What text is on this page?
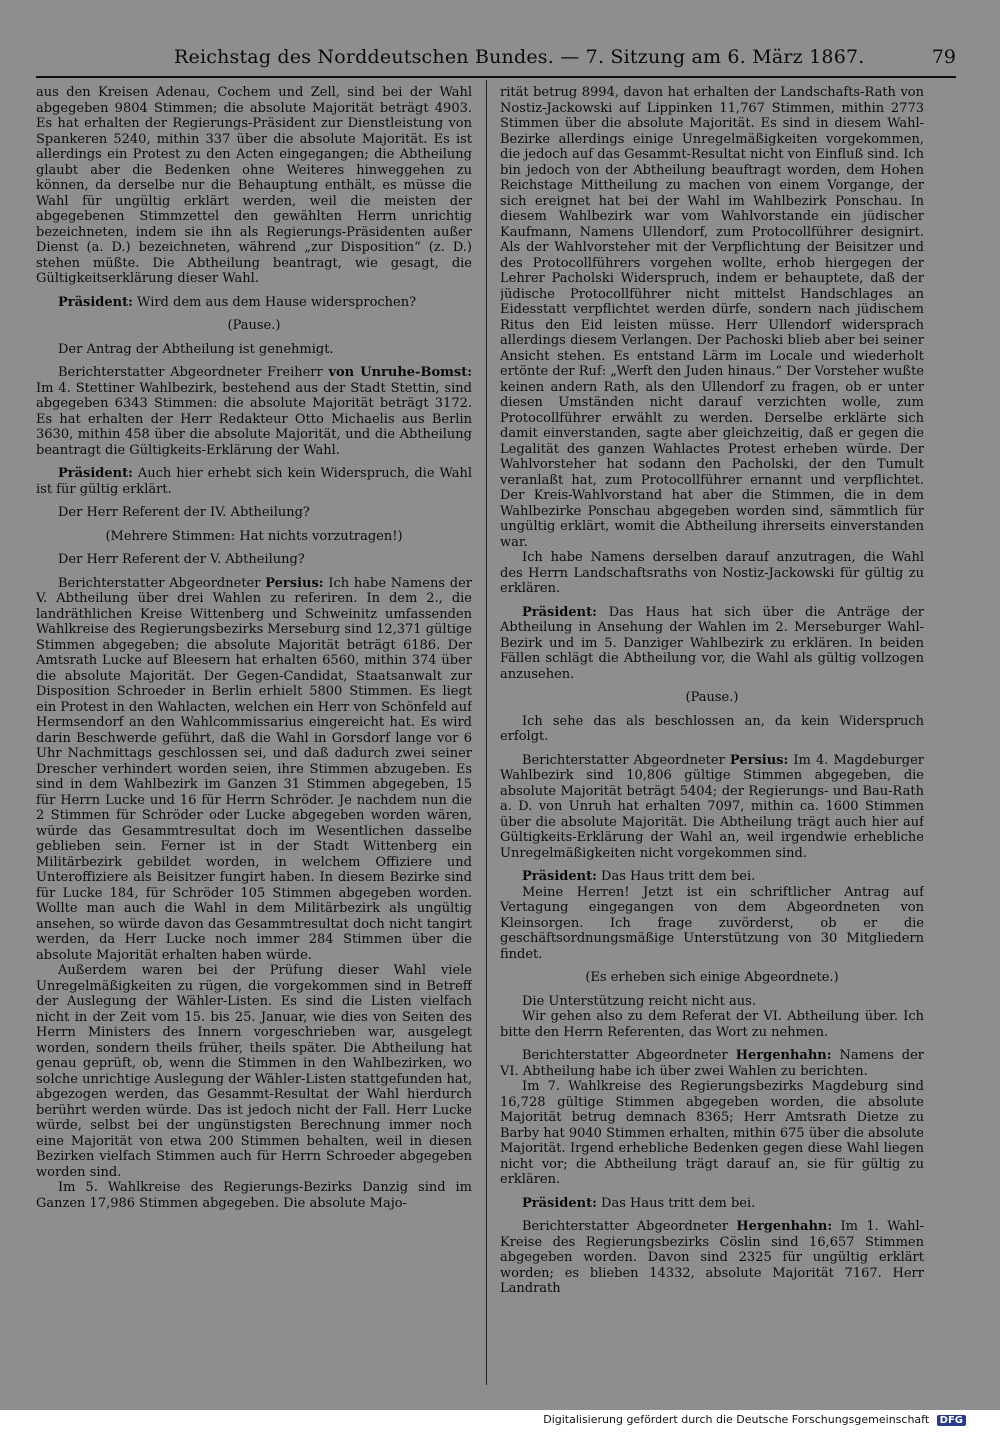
Reichstag des Norddeutschen Bundes. — 7. Sitzung am 6. März 1867.	79

aus den Kreisen Adenau, Cochem und Zell, sind bei der Wahl abgegeben 9804 Stimmen; die absolute Majorität beträgt 4903. Es hat erhalten der Regierungs-Präsident zur Dienstleistung von Spankeren 5240, mithin 337 über die absolute Majorität. Es ist allerdings ein Protest zu den Acten eingegangen; die Abtheilung glaubt aber die Bedenken ohne Weiteres hinweggehen zu können, da derselbe nur die Behauptung enthält, es müsse die Wahl für ungültig erklärt werden, weil die meisten der abgegebenen Stimmzettel den gewählten Herrn unrichtig bezeichneten, indem sie ihn als Regierungs-Präsidenten außer Dienst (a. D.) bezeichneten, während „zur Disposition“ (z. D.) stehen müßte. Die Abtheilung beantragt, wie gesagt, die Gültigkeitserklärung dieser Wahl.

Präsident: Wird dem aus dem Hause widersprochen?

(Pause.)

Der Antrag der Abtheilung ist genehmigt.

Berichterstatter Abgeordneter Freiherr von Unruhe-Bomst: Im 4. Stettiner Wahlbezirk, bestehend aus der Stadt Stettin, sind abgegeben 6343 Stimmen: die absolute Majorität beträgt 3172. Es hat erhalten der Herr Redakteur Otto Michaelis aus Berlin 3630, mithin 458 über die absolute Majorität, und die Abtheilung beantragt die Gültigkeits-Erklärung der Wahl.

Präsident: Auch hier erhebt sich kein Widerspruch, die Wahl ist für gültig erklärt.

Der Herr Referent der IV. Abtheilung?

(Mehrere Stimmen: Hat nichts vorzutragen!)

Der Herr Referent der V. Abtheilung?

Berichterstatter Abgeordneter Persius: Ich habe Namens der V. Abtheilung über drei Wahlen zu referiren. In dem 2., die landräthlichen Kreise Wittenberg und Schweinitz umfassenden Wahlkreise des Regierungsbezirks Merseburg sind 12,371 gültige Stimmen abgegeben; die absolute Majorität beträgt 6186. Der Amtsrath Lucke auf Bleesern hat erhalten 6560, mithin 374 über die absolute Majorität. Der Gegen-Candidat, Staatsanwalt zur Disposition Schroeder in Berlin erhielt 5800 Stimmen. Es liegt ein Protest in den Wahlacten, welchen ein Herr von Schönfeld auf Hermsendorf an den Wahlcommissarius eingereicht hat. Es wird darin Beschwerde geführt, daß die Wahl in Gorsdorf lange vor 6 Uhr Nachmittags geschlossen sei, und daß dadurch zwei seiner Drescher verhindert worden seien, ihre Stimmen abzugeben. Es sind in dem Wahlbezirk im Ganzen 31 Stimmen abgegeben, 15 für Herrn Lucke und 16 für Herrn Schröder. Je nachdem nun die 2 Stimmen für Schröder oder Lucke abgegeben worden wären, würde das Gesammtresultat doch im Wesentlichen dasselbe geblieben sein. Ferner ist in der Stadt Wittenberg ein Militärbezirk gebildet worden, in welchem Offiziere und Unteroffiziere als Beisitzer fungirt haben. In diesem Bezirke sind für Lucke 184, für Schröder 105 Stimmen abgegeben worden. Wollte man auch die Wahl in dem Militärbezirk als ungültig ansehen, so würde davon das Gesammtresultat doch nicht tangirt werden, da Herr Lucke noch immer 284 Stimmen über die absolute Majorität erhalten haben würde.

Außerdem waren bei der Prüfung dieser Wahl viele Unregelmäßigkeiten zu rügen, die vorgekommen sind in Betreff der Auslegung der Wähler-Listen. Es sind die Listen vielfach nicht in der Zeit vom 15. bis 25. Januar, wie dies von Seiten des Herrn Ministers des Innern vorgeschrieben war, ausgelegt worden, sondern theils früher, theils später. Die Abtheilung hat genau geprüft, ob, wenn die Stimmen in den Wahlbezirken, wo solche unrichtige Auslegung der Wähler-Listen stattgefunden hat, abgezogen werden, das Gesammt-Resultat der Wahl hierdurch berührt werden würde. Das ist jedoch nicht der Fall. Herr Lucke würde, selbst bei der ungünstigsten Berechnung immer noch eine Majorität von etwa 200 Stimmen behalten, weil in diesen Bezirken vielfach Stimmen auch für Herrn Schroeder abgegeben worden sind.

Im 5. Wahlkreise des Regierungs-Bezirks Danzig sind im Ganzen 17,986 Stimmen abgegeben. Die absolute Majo-

rität betrug 8994, davon hat erhalten der Landschafts-Rath von Nostiz-Jackowski auf Lippinken 11,767 Stimmen, mithin 2773 Stimmen über die absolute Majorität. Es sind in diesem Wahl-Bezirke allerdings einige Unregelmäßigkeiten vorgekommen, die jedoch auf das Gesammt-Resultat nicht von Einfluß sind. Ich bin jedoch von der Abtheilung beauftragt worden, dem Hohen Reichstage Mittheilung zu machen von einem Vorgange, der sich ereignet hat bei der Wahl im Wahlbezirk Ponschau. In diesem Wahlbezirk war vom Wahlvorstande ein jüdischer Kaufmann, Namens Ullendorf, zum Protocollführer designirt. Als der Wahlvorsteher mit der Verpflichtung der Beisitzer und des Protocollführers vorgehen wollte, erhob hiergegen der Lehrer Pacholski Widerspruch, indem er behauptete, daß der jüdische Protocollführer nicht mittelst Handschlages an Eidesstatt verpflichtet werden dürfe, sondern nach jüdischem Ritus den Eid leisten müsse. Herr Ullendorf widersprach allerdings diesem Verlangen. Der Pachoski blieb aber bei seiner Ansicht stehen. Es entstand Lärm im Locale und wiederholt ertönte der Ruf: „Werft den Juden hinaus.“ Der Vorsteher wußte keinen andern Rath, als den Ullendorf zu fragen, ob er unter diesen Umständen nicht darauf verzichten wolle, zum Protocollführer erwählt zu werden. Derselbe erklärte sich damit einverstanden, sagte aber gleichzeitig, daß er gegen die Legalität des ganzen Wahlactes Protest erheben würde. Der Wahlvorsteher hat sodann den Pacholski, der den Tumult veranlaßt hat, zum Protocollführer ernannt und verpflichtet. Der Kreis-Wahlvorstand hat aber die Stimmen, die in dem Wahlbezirke Ponschau abgegeben worden sind, sämmtlich für ungültig erklärt, womit die Abtheilung ihrerseits einverstanden war.

Ich habe Namens derselben darauf anzutragen, die Wahl des Herrn Landschaftsraths von Nostiz-Jackowski für gültig zu erklären.

Präsident: Das Haus hat sich über die Anträge der Abtheilung in Ansehung der Wahlen im 2. Merseburger Wahl-Bezirk und im 5. Danziger Wahlbezirk zu erklären. In beiden Fällen schlägt die Abtheilung vor, die Wahl als gültig vollzogen anzusehen.

(Pause.)

Ich sehe das als beschlossen an, da kein Widerspruch erfolgt.

Berichterstatter Abgeordneter Persius: Im 4. Magdeburger Wahlbezirk sind 10,806 gültige Stimmen abgegeben, die absolute Majorität beträgt 5404; der Regierungs- und Bau-Rath a. D. von Unruh hat erhalten 7097, mithin ca. 1600 Stimmen über die absolute Majorität. Die Abtheilung trägt auch hier auf Gültigkeits-Erklärung der Wahl an, weil irgendwie erhebliche Unregelmäßigkeiten nicht vorgekommen sind.

Präsident: Das Haus tritt dem bei.

Meine Herren! Jetzt ist ein schriftlicher Antrag auf Vertagung eingegangen von dem Abgeordneten von Kleinsorgen. Ich frage zuvörderst, ob er die geschäftsordnungsmäßige Unterstützung von 30 Mitgliedern findet.

(Es erheben sich einige Abgeordnete.)

Die Unterstützung reicht nicht aus.

Wir gehen also zu dem Referat der VI. Abtheilung über. Ich bitte den Herrn Referenten, das Wort zu nehmen.

Berichterstatter Abgeordneter Hergenhahn: Namens der VI. Abtheilung habe ich über zwei Wahlen zu berichten.

Im 7. Wahlkreise des Regierungsbezirks Magdeburg sind 16,728 gültige Stimmen abgegeben worden, die absolute Majorität betrug demnach 8365; Herr Amtsrath Dietze zu Barby hat 9040 Stimmen erhalten, mithin 675 über die absolute Majorität. Irgend erhebliche Bedenken gegen diese Wahl liegen nicht vor; die Abtheilung trägt darauf an, sie für gültig zu erklären.

Präsident: Das Haus tritt dem bei.

Berichterstatter Abgeordneter Hergenhahn: Im 1. Wahl-Kreise des Regierungsbezirks Cöslin sind 16,657 Stimmen abgegeben worden. Davon sind 2325 für ungültig erklärt worden; es blieben 14332, absolute Majorität 7167. Herr Landrath

Digitalisierung gefördert durch die Deutsche Forschungsgemeinschaft DFG
